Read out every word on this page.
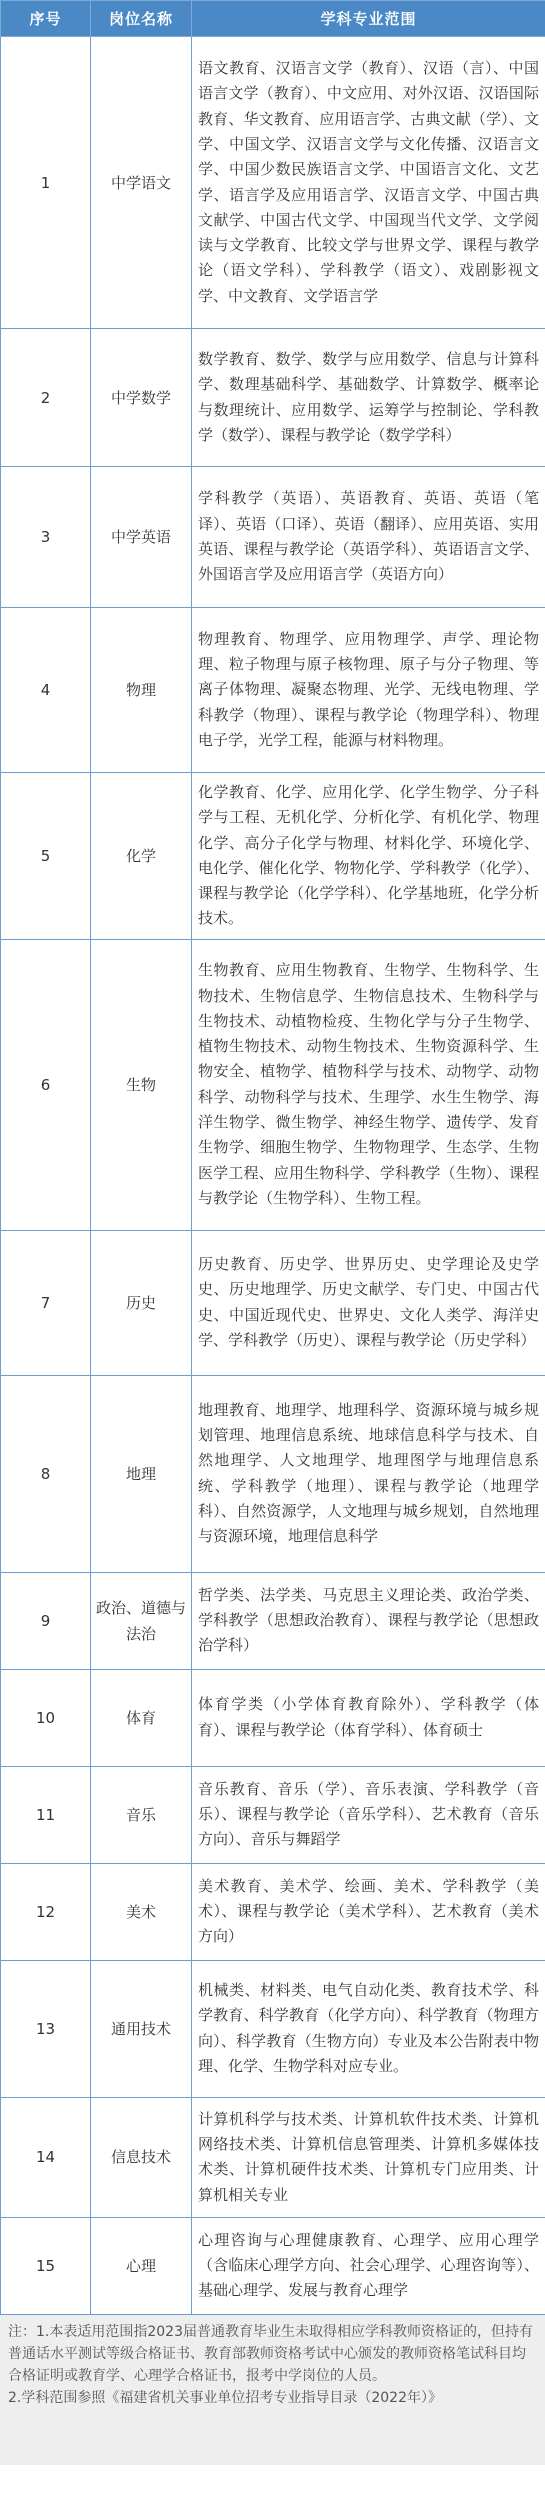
序号	岗位名称	学科专业范围
1	中学语文	语文教育、汉语言文学（教育）、汉语（言）、中国语言文学（教育）、中文应用、对外汉语、汉语国际教育、华文教育、应用语言学、古典文献（学）、文学、中国文学、汉语言文学与文化传播、汉语言文学、中国少数民族语言文学、中国语言文化、文艺学、语言学及应用语言学、汉语言文学、中国古典文献学、中国古代文学、中国现当代文学、文学阅读与文学教育、比较文学与世界文学、课程与教学论（语文学科）、学科教学（语文）、戏剧影视文学、中文教育、文学语言学
2	中学数学	数学教育、数学、数学与应用数学、信息与计算科学、数理基础科学、基础数学、计算数学、概率论与数理统计、应用数学、运筹学与控制论、学科教学（数学）、课程与教学论（数学学科）
3	中学英语	学科教学（英语）、英语教育、英语、英语（笔译）、英语（口译）、英语（翻译）、应用英语、实用英语、课程与教学论（英语学科）、英语语言文学、外国语言学及应用语言学（英语方向）
4	物理	物理教育、物理学、应用物理学、声学、理论物理、粒子物理与原子核物理、原子与分子物理、等离子体物理、凝聚态物理、光学、无线电物理、学科教学（物理）、课程与教学论（物理学科）、物理电子学，光学工程，能源与材料物理。
5	化学	化学教育、化学、应用化学、化学生物学、分子科学与工程、无机化学、分析化学、有机化学、物理化学、高分子化学与物理、材料化学、环境化学、电化学、催化化学、物物化学、学科教学（化学）、课程与教学论（化学学科）、化学基地班，化学分析技术。
6	生物	生物教育、应用生物教育、生物学、生物科学、生物技术、生物信息学、生物信息技术、生物科学与生物技术、动植物检疫、生物化学与分子生物学、植物生物技术、动物生物技术、生物资源科学、生物安全、植物学、植物科学与技术、动物学、动物科学、动物科学与技术、生理学、水生生物学、海洋生物学、微生物学、神经生物学、遗传学、发育生物学、细胞生物学、生物物理学、生态学、生物医学工程、应用生物科学、学科教学（生物）、课程与教学论（生物学科）、生物工程。
7	历史	历史教育、历史学、世界历史、史学理论及史学史、历史地理学、历史文献学、专门史、中国古代史、中国近现代史、世界史、文化人类学、海洋史学、学科教学（历史）、课程与教学论（历史学科）
8	地理	地理教育、地理学、地理科学、资源环境与城乡规划管理、地理信息系统、地球信息科学与技术、自然地理学、人文地理学、地理图学与地理信息系统、学科教学（地理）、课程与教学论（地理学科）、自然资源学，人文地理与城乡规划，自然地理与资源环境，地理信息科学
9	政治、道德与法治	哲学类、法学类、马克思主义理论类、政治学类、学科教学（思想政治教育）、课程与教学论（思想政治学科）
10	体育	体育学类（小学体育教育除外）、学科教学（体育）、课程与教学论（体育学科）、体育硕士
11	音乐	音乐教育、音乐（学）、音乐表演、学科教学（音乐）、课程与教学论（音乐学科）、艺术教育（音乐方向）、音乐与舞蹈学
12	美术	美术教育、美术学、绘画、美术、学科教学（美术）、课程与教学论（美术学科）、艺术教育（美术方向）
13	通用技术	机械类、材料类、电气自动化类、教育技术学、科学教育、科学教育（化学方向）、科学教育（物理方向）、科学教育（生物方向）专业及本公告附表中物理、化学、生物学科对应专业。
14	信息技术	计算机科学与技术类、计算机软件技术类、计算机网络技术类、计算机信息管理类、计算机多媒体技术类、计算机硬件技术类、计算机专门应用类、计算机相关专业
15	心理	心理咨询与心理健康教育、心理学、应用心理学（含临床心理学方向、社会心理学、心理咨询等）、基础心理学、发展与教育心理学

注：1.本表适用范围指2023届普通教育毕业生未取得相应学科教师资格证的，但持有普通话水平测试等级合格证书、教育部教师资格考试中心颁发的教师资格笔试科目均合格证明或教育学、心理学合格证书，报考中学岗位的人员。

2.学科范围参照《福建省机关事业单位招考专业指导目录（2022年）》
